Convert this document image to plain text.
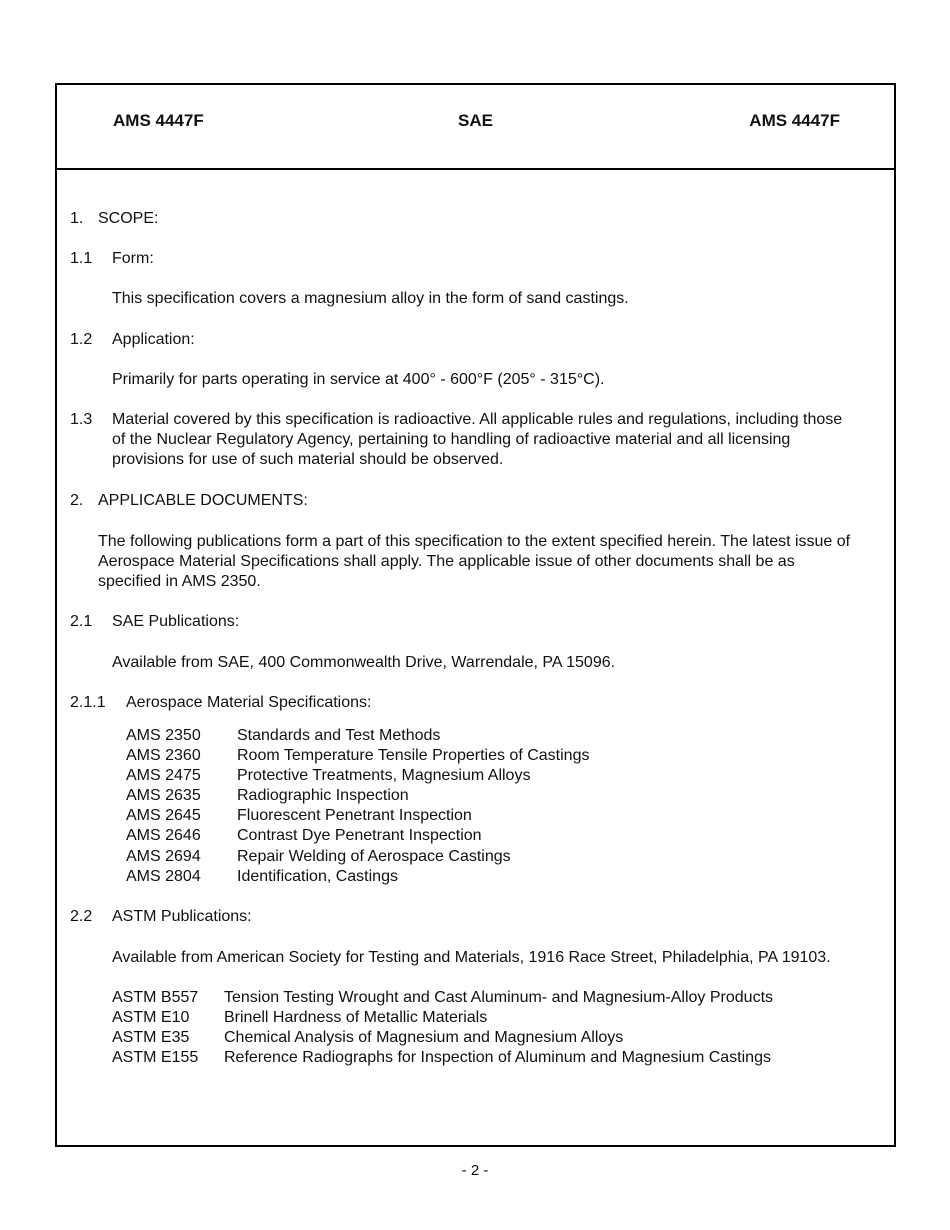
AMS 4447F	SAE	AMS 4447F
1. SCOPE:
1.1 Form:
This specification covers a magnesium alloy in the form of sand castings.
1.2 Application:
Primarily for parts operating in service at 400° - 600°F (205° - 315°C).
1.3 Material covered by this specification is radioactive. All applicable rules and regulations, including those of the Nuclear Regulatory Agency, pertaining to handling of radioactive material and all licensing provisions for use of such material should be observed.
2. APPLICABLE DOCUMENTS:
The following publications form a part of this specification to the extent specified herein. The latest issue of Aerospace Material Specifications shall apply. The applicable issue of other documents shall be as specified in AMS 2350.
2.1 SAE Publications:
Available from SAE, 400 Commonwealth Drive, Warrendale, PA 15096.
2.1.1 Aerospace Material Specifications:
AMS 2350 Standards and Test Methods
AMS 2360 Room Temperature Tensile Properties of Castings
AMS 2475 Protective Treatments, Magnesium Alloys
AMS 2635 Radiographic Inspection
AMS 2645 Fluorescent Penetrant Inspection
AMS 2646 Contrast Dye Penetrant Inspection
AMS 2694 Repair Welding of Aerospace Castings
AMS 2804 Identification, Castings
2.2 ASTM Publications:
Available from American Society for Testing and Materials, 1916 Race Street, Philadelphia, PA 19103.
ASTM B557 Tension Testing Wrought and Cast Aluminum- and Magnesium-Alloy Products
ASTM E10 Brinell Hardness of Metallic Materials
ASTM E35 Chemical Analysis of Magnesium and Magnesium Alloys
ASTM E155 Reference Radiographs for Inspection of Aluminum and Magnesium Castings
- 2 -
